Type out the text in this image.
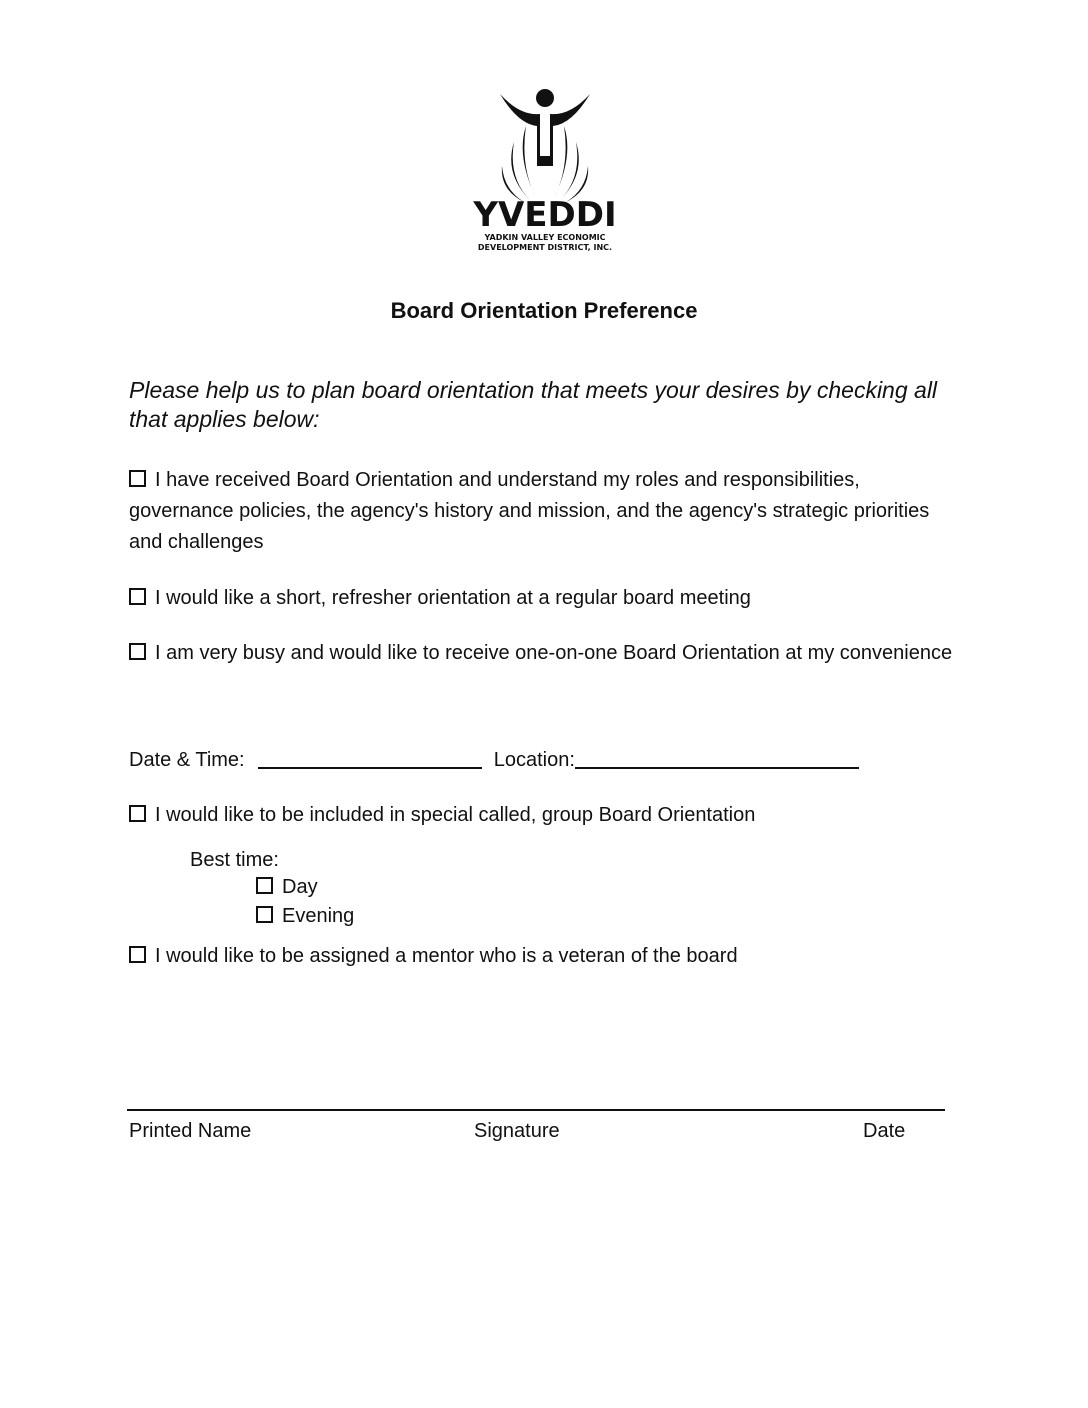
YVEDDI
YADKIN VALLEY ECONOMIC
DEVELOPMENT DISTRICT, INC.
Board Orientation Preference
Please help us to plan board orientation that meets your desires by checking all that applies below:
I have received Board Orientation and understand my roles and responsibilities, governance policies, the agency's history and mission, and the agency's strategic priorities and challenges
I would like a short, refresher orientation at a regular board meeting
I am very busy and would like to receive one-on-one Board Orientation at my convenience
Date & Time:	Location:
I would like to be included in special called, group Board Orientation
Best time:
Day
Evening
I would like to be assigned a mentor who is a veteran of the board
Printed Name	Signature	Date
